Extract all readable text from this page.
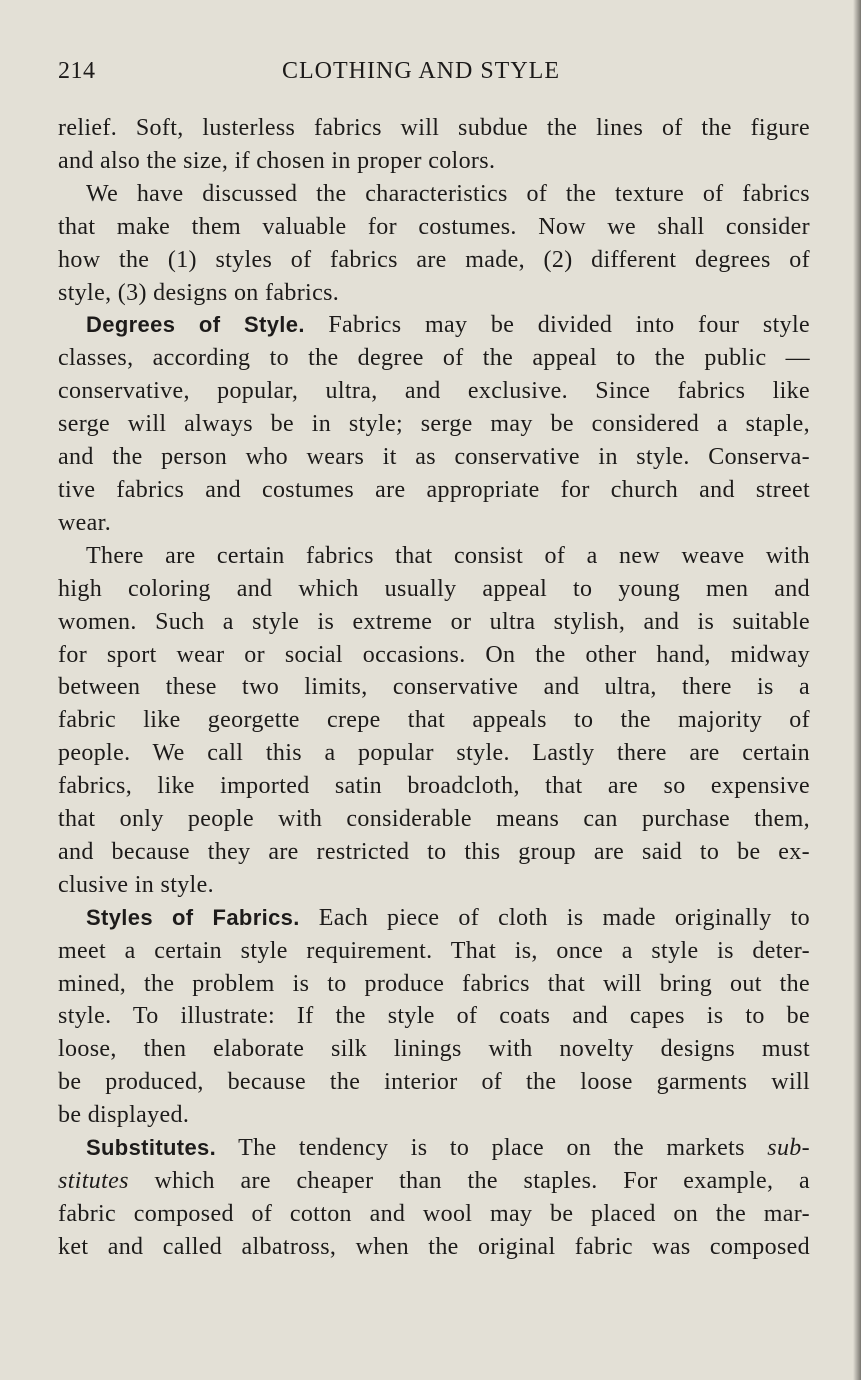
214	CLOTHING AND STYLE
relief. Soft, lusterless fabrics will subdue the lines of the figure
and also the size, if chosen in proper colors.
We have discussed the characteristics of the texture of fabrics
that make them valuable for costumes. Now we shall consider
how the (1) styles of fabrics are made, (2) different degrees of
style, (3) designs on fabrics.
Degrees of Style. Fabrics may be divided into four style
classes, according to the degree of the appeal to the public —
conservative, popular, ultra, and exclusive. Since fabrics like
serge will always be in style; serge may be considered a staple,
and the person who wears it as conservative in style. Conserva-
tive fabrics and costumes are appropriate for church and street
wear.
There are certain fabrics that consist of a new weave with
high coloring and which usually appeal to young men and
women. Such a style is extreme or ultra stylish, and is suitable
for sport wear or social occasions. On the other hand, midway
between these two limits, conservative and ultra, there is a
fabric like georgette crepe that appeals to the majority of
people. We call this a popular style. Lastly there are certain
fabrics, like imported satin broadcloth, that are so expensive
that only people with considerable means can purchase them,
and because they are restricted to this group are said to be ex-
clusive in style.
Styles of Fabrics. Each piece of cloth is made originally to
meet a certain style requirement. That is, once a style is deter-
mined, the problem is to produce fabrics that will bring out the
style. To illustrate: If the style of coats and capes is to be
loose, then elaborate silk linings with novelty designs must
be produced, because the interior of the loose garments will
be displayed.
Substitutes. The tendency is to place on the markets sub-
stitutes which are cheaper than the staples. For example, a
fabric composed of cotton and wool may be placed on the mar-
ket and called albatross, when the original fabric was composed
